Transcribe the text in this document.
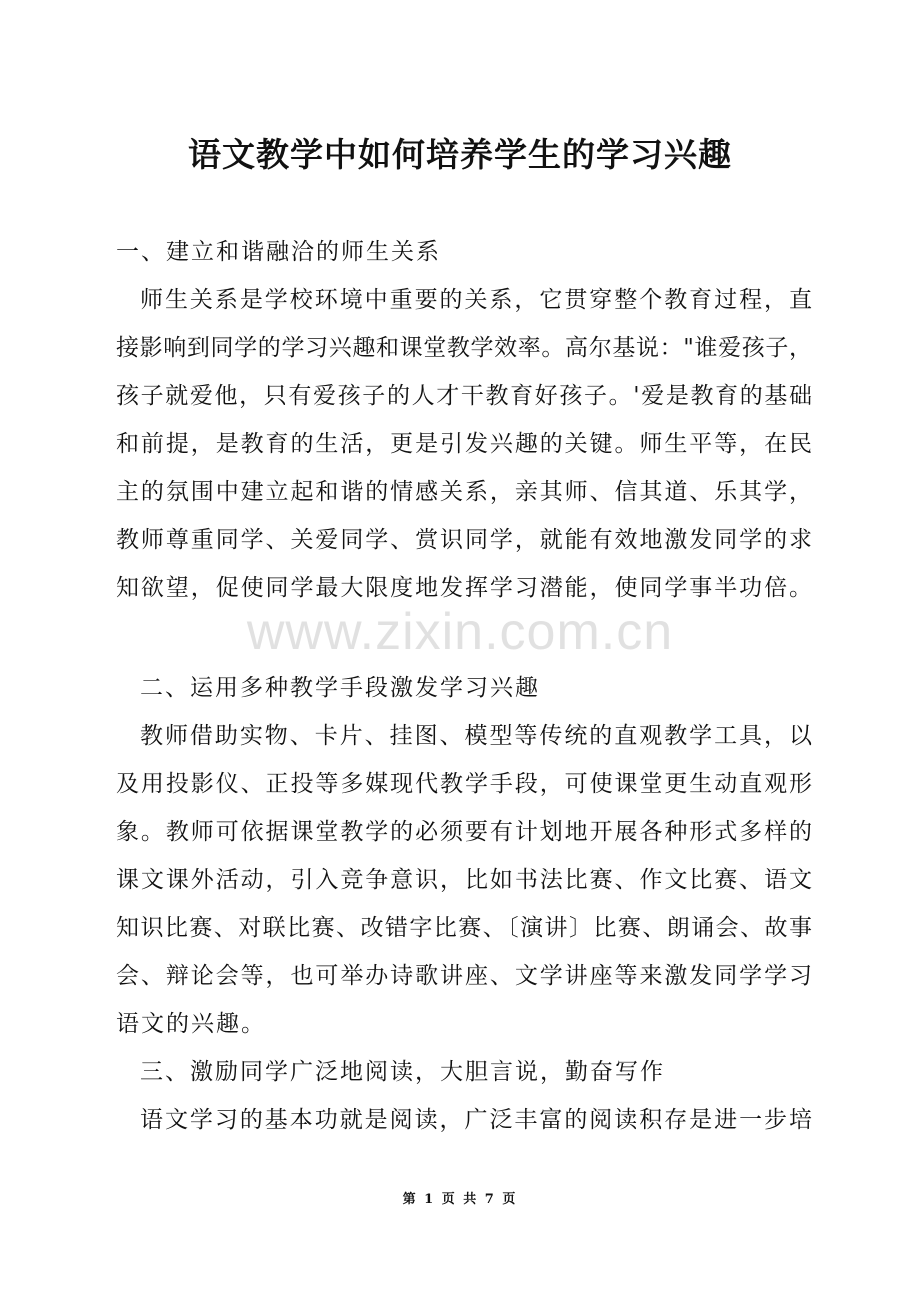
语文教学中如何培养学生的学习兴趣
一、建立和谐融洽的师生关系
师生关系是学校环境中重要的关系，它贯穿整个教育过程，直
接影响到同学的学习兴趣和课堂教学效率。高尔基说："谁爱孩子，
孩子就爱他，只有爱孩子的人才干教育好孩子。'爱是教育的基础
和前提，是教育的生活，更是引发兴趣的关键。师生平等，在民
主的氛围中建立起和谐的情感关系，亲其师、信其道、乐其学，
教师尊重同学、关爱同学、赏识同学，就能有效地激发同学的求
知欲望，促使同学最大限度地发挥学习潜能，使同学事半功倍。
www.zixin.com.cn
二、运用多种教学手段激发学习兴趣
教师借助实物、卡片、挂图、模型等传统的直观教学工具，以
及用投影仪、正投等多媒现代教学手段，可使课堂更生动直观形
象。教师可依据课堂教学的必须要有计划地开展各种形式多样的
课文课外活动，引入竞争意识，比如书法比赛、作文比赛、语文
知识比赛、对联比赛、改错字比赛、〔演讲〕比赛、朗诵会、故事
会、辩论会等，也可举办诗歌讲座、文学讲座等来激发同学学习
语文的兴趣。
三、激励同学广泛地阅读，大胆言说，勤奋写作
语文学习的基本功就是阅读，广泛丰富的阅读积存是进一步培
第 1 页 共 7 页
